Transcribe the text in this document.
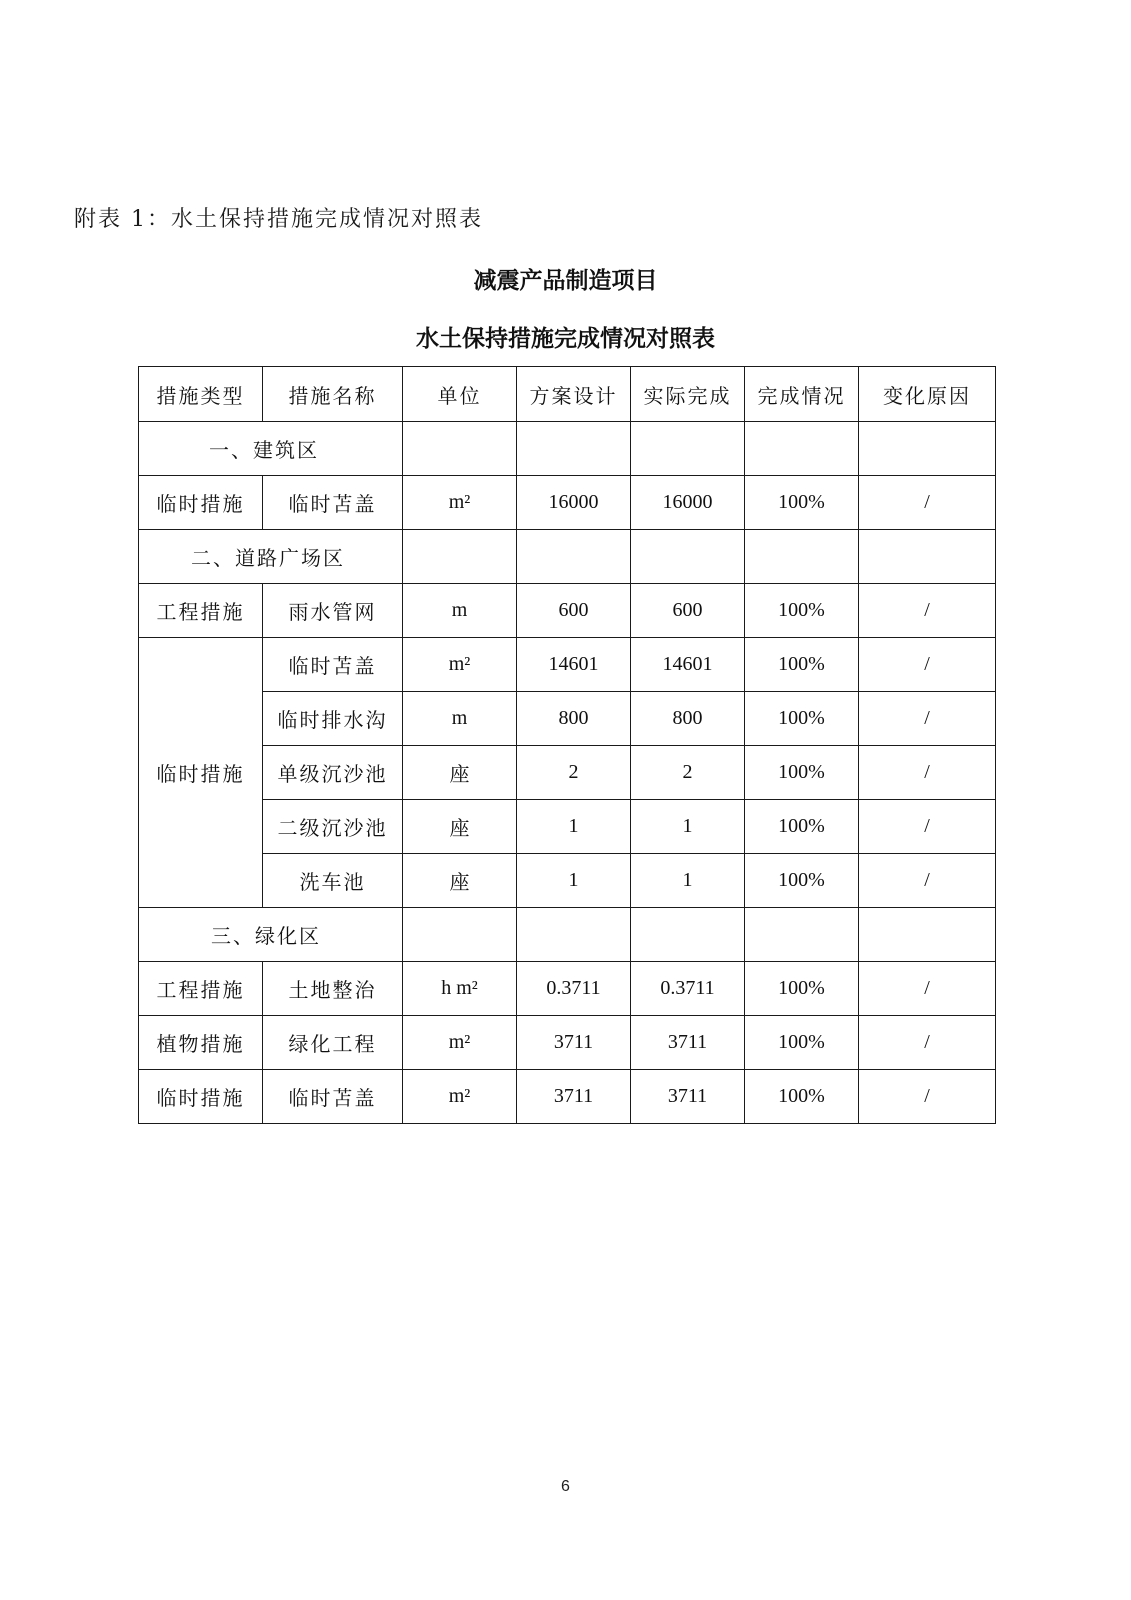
附表 1：水土保持措施完成情况对照表
减震产品制造项目
水土保持措施完成情况对照表
措施类型	措施名称	单位	方案设计	实际完成	完成情况	变化原因
一、建筑区						
临时措施	临时苫盖	m²	16000	16000	100%	/
二、道路广场区						
工程措施	雨水管网	m	600	600	100%	/
临时措施	临时苫盖	m²	14601	14601	100%	/
	临时排水沟	m	800	800	100%	/
	单级沉沙池	座	2	2	100%	/
	二级沉沙池	座	1	1	100%	/
	洗车池	座	1	1	100%	/
三、绿化区						
工程措施	土地整治	h m²	0.3711	0.3711	100%	/
植物措施	绿化工程	m²	3711	3711	100%	/
临时措施	临时苫盖	m²	3711	3711	100%	/
6
